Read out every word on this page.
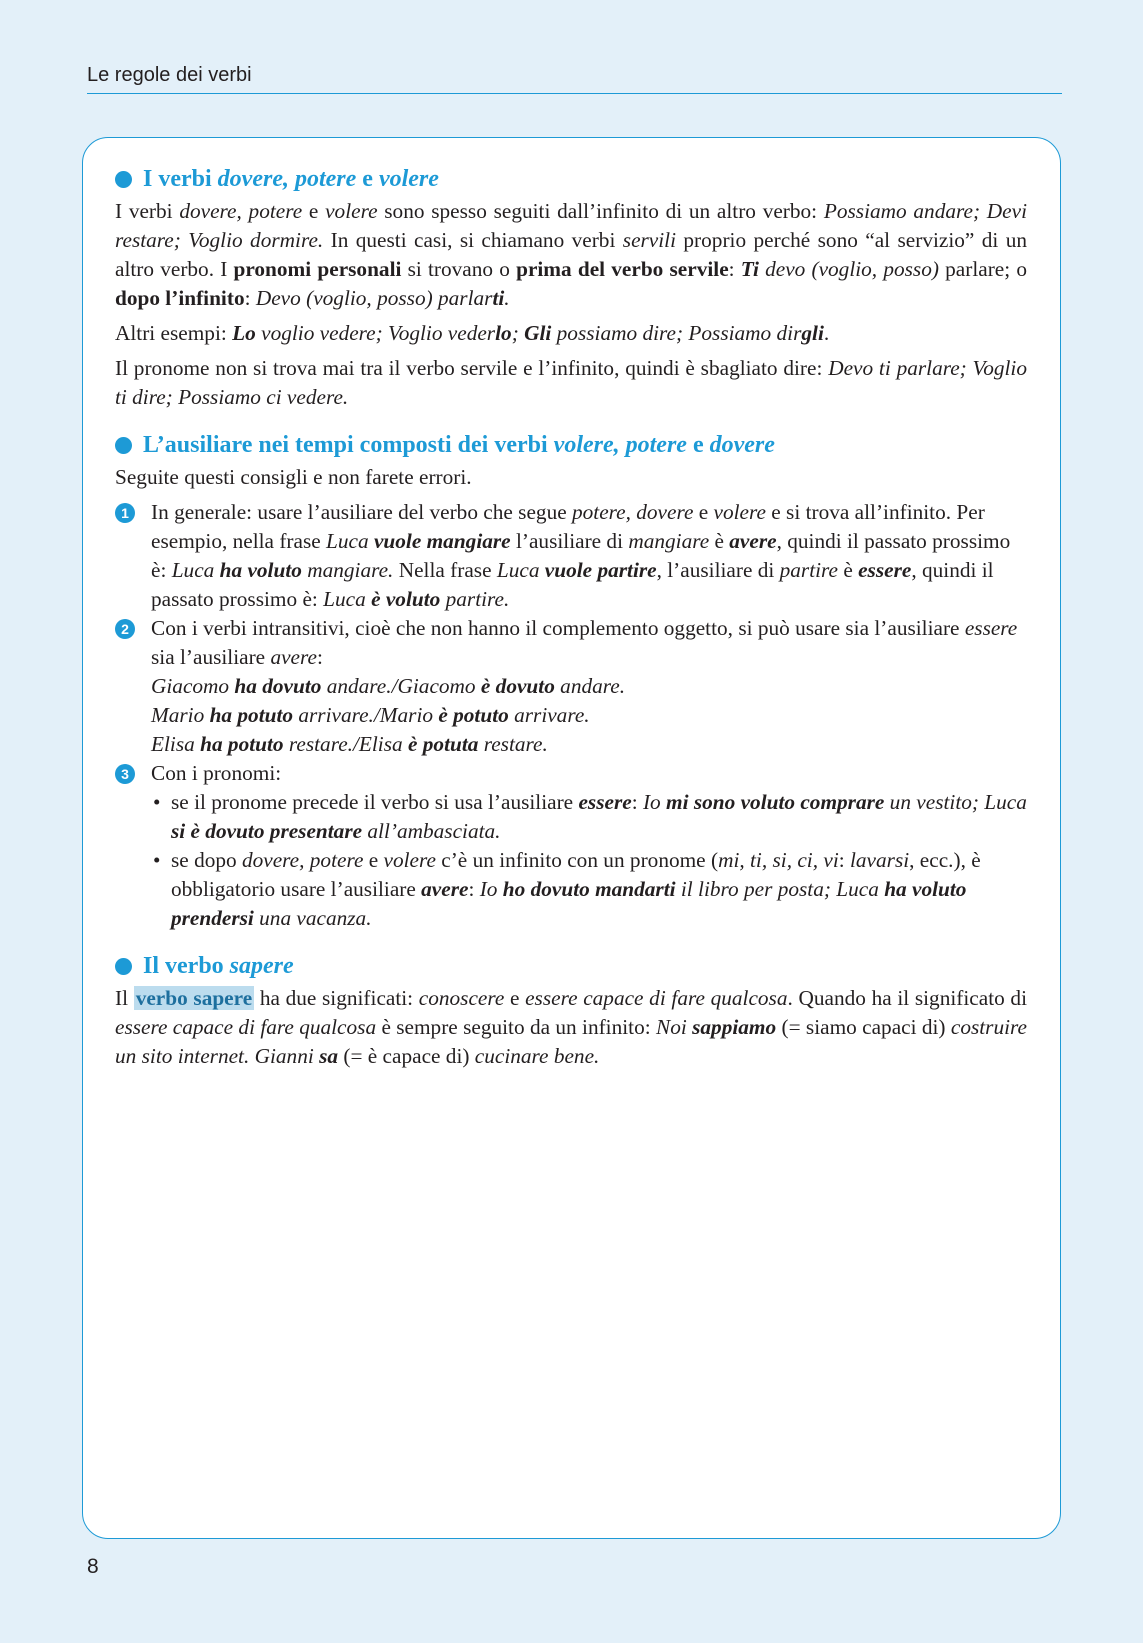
Le regole dei verbi
I verbi dovere, potere e volere

I verbi dovere, potere e volere sono spesso seguiti dall’infinito di un altro verbo: Possiamo andare; Devi restare; Voglio dormire. In questi casi, si chiamano verbi servili proprio perché sono “al servizio” di un altro verbo. I pronomi personali si trovano o prima del verbo servile: Ti devo (voglio, posso) parlare; o dopo l’infinito: Devo (voglio, posso) parlarti.

Altri esempi: Lo voglio vedere; Voglio vederlo; Gli possiamo dire; Possiamo dirgli.

Il pronome non si trova mai tra il verbo servile e l’infinito, quindi è sbagliato dire: Devo ti parlare; Voglio ti dire; Possiamo ci vedere.

L’ausiliare nei tempi composti dei verbi volere, potere e dovere

Seguite questi consigli e non farete errori.

1 In generale: usare l’ausiliare del verbo che segue potere, dovere e volere e si trova all’infinito. Per esempio, nella frase Luca vuole mangiare l’ausiliare di mangiare è avere, quindi il passato prossimo è: Luca ha voluto mangiare. Nella frase Luca vuole partire, l’ausiliare di partire è essere, quindi il passato prossimo è: Luca è voluto partire.
2 Con i verbi intransitivi, cioè che non hanno il complemento oggetto, si può usare sia l’ausiliare essere sia l’ausiliare avere:
Giacomo ha dovuto andare./Giacomo è dovuto andare.
Mario ha potuto arrivare./Mario è potuto arrivare.
Elisa ha potuto restare./Elisa è potuta restare.
3 Con i pronomi:
• se il pronome precede il verbo si usa l’ausiliare essere: Io mi sono voluto comprare un vestito; Luca si è dovuto presentare all’ambasciata.
• se dopo dovere, potere e volere c’è un infinito con un pronome (mi, ti, si, ci, vi: lavarsi, ecc.), è obbligatorio usare l’ausiliare avere: Io ho dovuto mandarti il libro per posta; Luca ha voluto prendersi una vacanza.
Il verbo sapere

Il verbo sapere ha due significati: conoscere e essere capace di fare qualcosa. Quando ha il significato di essere capace di fare qualcosa è sempre seguito da un infinito: Noi sappiamo (= siamo capaci di) costruire un sito internet. Gianni sa (= è capace di) cucinare bene.

8
